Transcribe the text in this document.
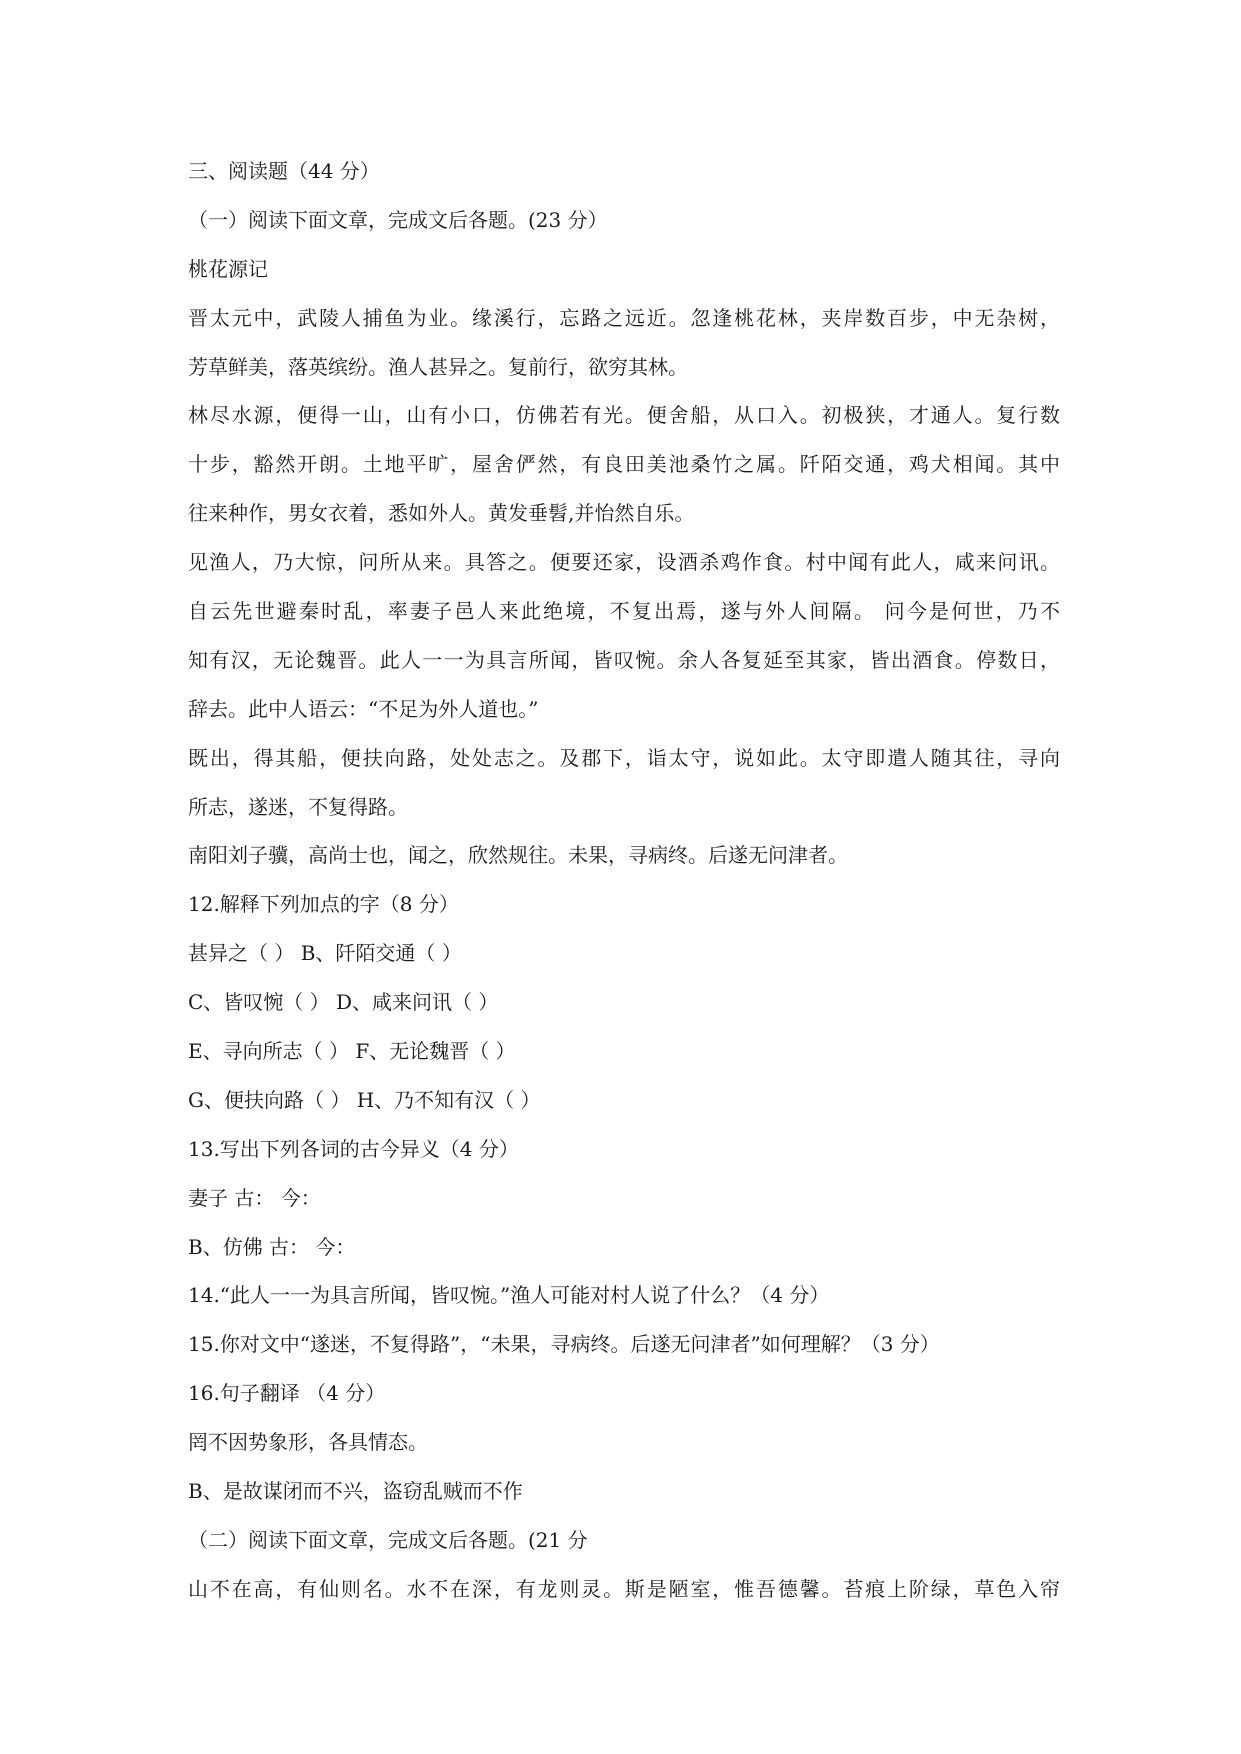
三、阅读题（44 分）
（一）阅读下面文章，完成文后各题。(23 分）
桃花源记
晋太元中，武陵人捕鱼为业。缘溪行，忘路之远近。忽逢桃花林，夹岸数百步，中无杂树，
芳草鲜美，落英缤纷。渔人甚异之。复前行，欲穷其林。
林尽水源，便得一山，山有小口，仿佛若有光。便舍船，从口入。初极狭，才通人。复行数
十步，豁然开朗。土地平旷，屋舍俨然，有良田美池桑竹之属。阡陌交通，鸡犬相闻。其中
往来种作，男女衣着，悉如外人。黄发垂髫,并怡然自乐。
见渔人，乃大惊，问所从来。具答之。便要还家，设酒杀鸡作食。村中闻有此人，咸来问讯。
自云先世避秦时乱，率妻子邑人来此绝境，不复出焉，遂与外人间隔。 问今是何世，乃不
知有汉，无论魏晋。此人一一为具言所闻，皆叹惋。余人各复延至其家，皆出酒食。停数日，
辞去。此中人语云：“不足为外人道也。”
既出，得其船，便扶向路，处处志之。及郡下，诣太守，说如此。太守即遣人随其往，寻向
所志，遂迷，不复得路。
南阳刘子骥，高尚士也，闻之，欣然规往。未果，寻病终。后遂无问津者。
12.解释下列加点的字（8 分）
甚异之（ ） B、阡陌交通（ ）
C、皆叹惋（ ） D、咸来问讯（ ）
E、寻向所志（ ） F、无论魏晋（ ）
G、便扶向路（ ） H、乃不知有汉（ ）
13.写出下列各词的古今异义（4 分）
妻子 古： 今：
B、仿佛 古： 今：
14.“此人一一为具言所闻，皆叹惋。”渔人可能对村人说了什么？（4 分）
15.你对文中“遂迷，不复得路”，“未果，寻病终。后遂无问津者”如何理解？（3 分）
16.句子翻译 （4 分）
罔不因势象形，各具情态。
B、是故谋闭而不兴，盗窃乱贼而不作
（二）阅读下面文章，完成文后各题。(21 分
山不在高，有仙则名。水不在深，有龙则灵。斯是陋室，惟吾德馨。苔痕上阶绿，草色入帘
